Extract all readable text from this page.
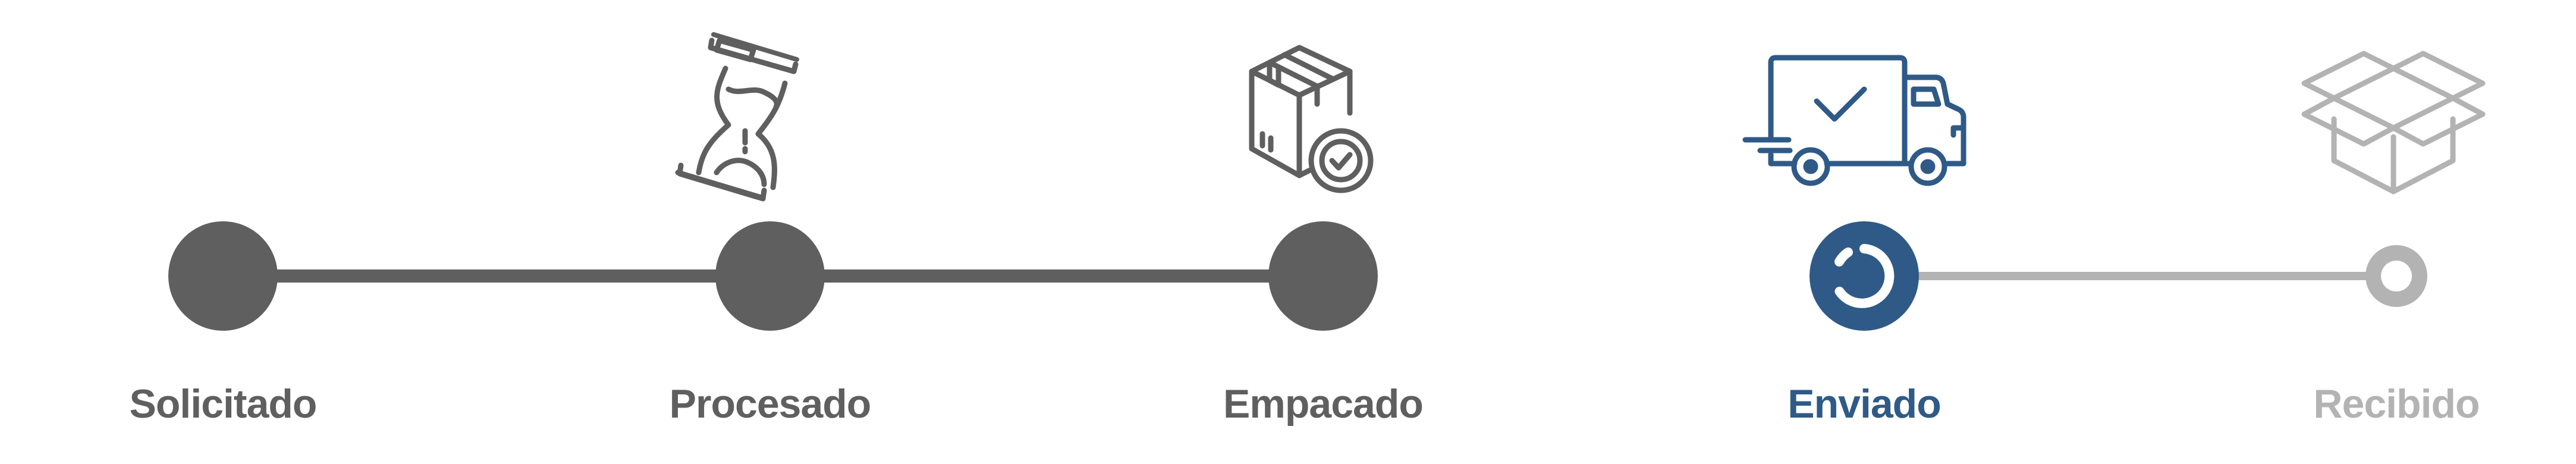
Solicitado	Procesado	Empacado	Enviado	Recibido
